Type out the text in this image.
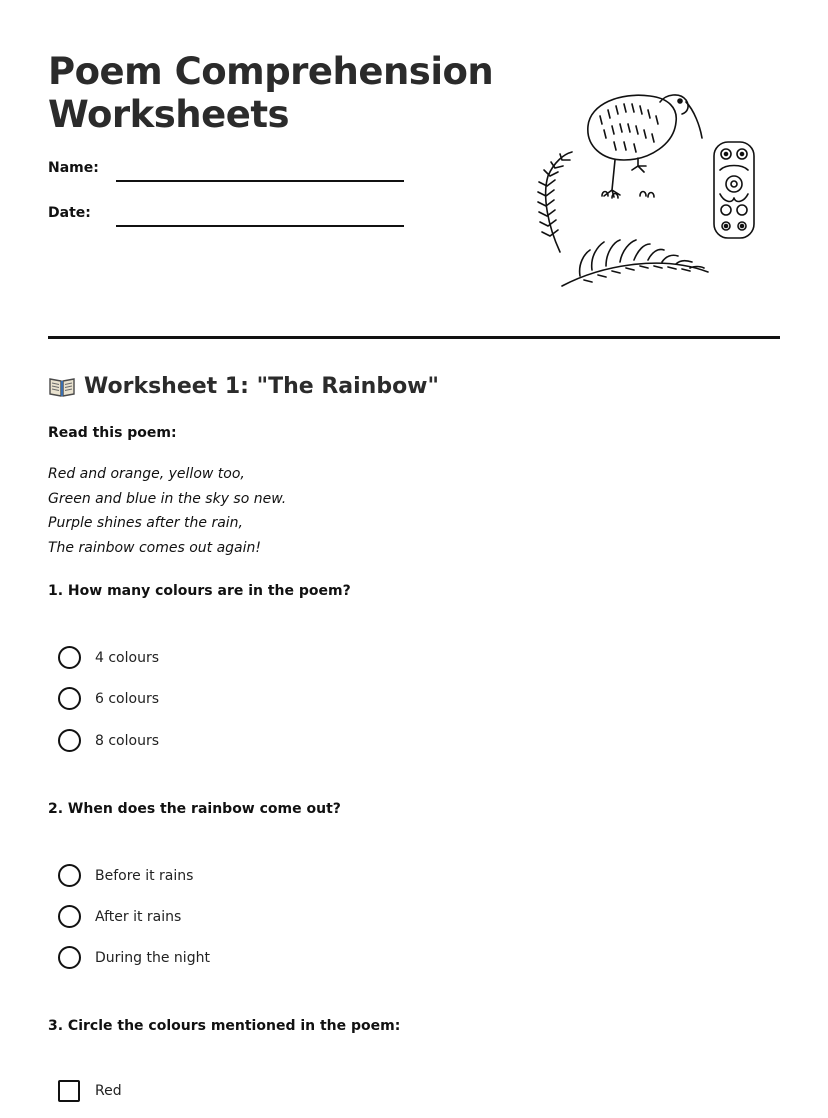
Poem Comprehension
Worksheets
Name:
Date:
Worksheet 1: "The Rainbow"
Read this poem:
Red and orange, yellow too,
Green and blue in the sky so new.
Purple shines after the rain,
The rainbow comes out again!
1. How many colours are in the poem?
4 colours
6 colours
8 colours
2. When does the rainbow come out?
Before it rains
After it rains
During the night
3. Circle the colours mentioned in the poem:
Red
